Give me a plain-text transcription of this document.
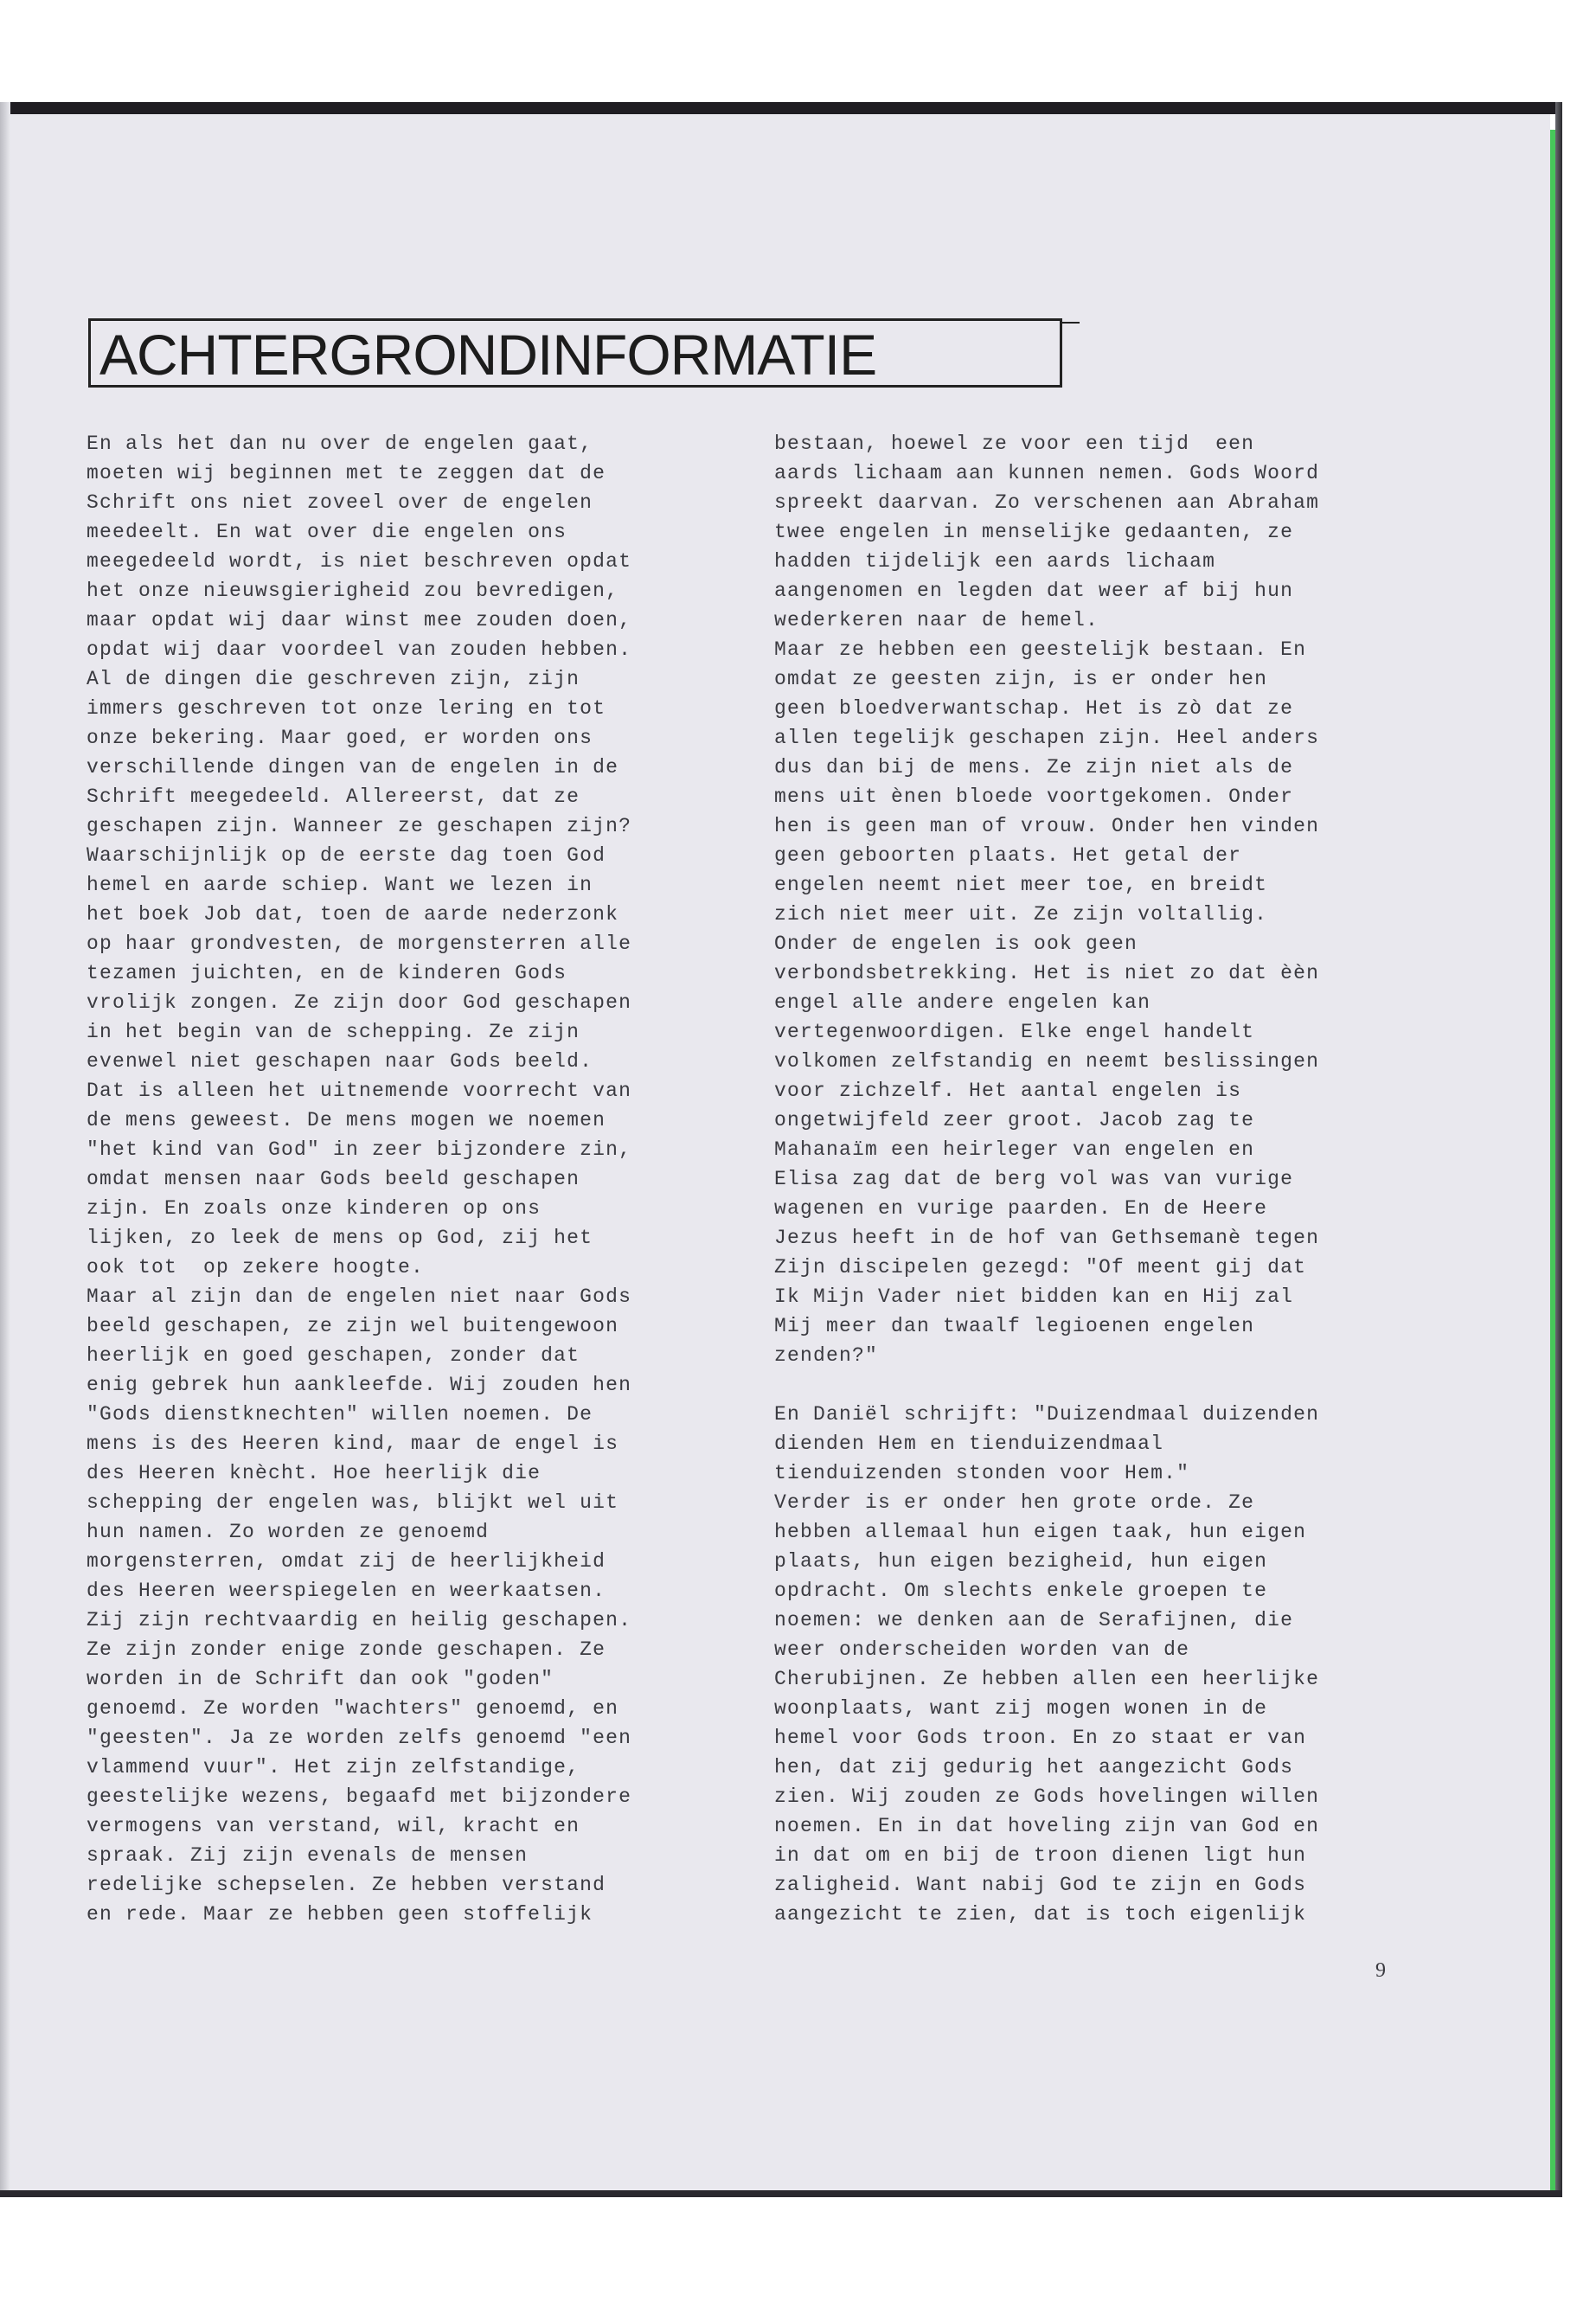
ACHTERGRONDINFORMATIE
En als het dan nu over de engelen gaat,
moeten wij beginnen met te zeggen dat de
Schrift ons niet zoveel over de engelen
meedeelt. En wat over die engelen ons
meegedeeld wordt, is niet beschreven opdat
het onze nieuwsgierigheid zou bevredigen,
maar opdat wij daar winst mee zouden doen,
opdat wij daar voordeel van zouden hebben.
Al de dingen die geschreven zijn, zijn
immers geschreven tot onze lering en tot
onze bekering. Maar goed, er worden ons
verschillende dingen van de engelen in de
Schrift meegedeeld. Allereerst, dat ze
geschapen zijn. Wanneer ze geschapen zijn?
Waarschijnlijk op de eerste dag toen God
hemel en aarde schiep. Want we lezen in
het boek Job dat, toen de aarde nederzonk
op haar grondvesten, de morgensterren alle
tezamen juichten, en de kinderen Gods
vrolijk zongen. Ze zijn door God geschapen
in het begin van de schepping. Ze zijn
evenwel niet geschapen naar Gods beeld.
Dat is alleen het uitnemende voorrecht van
de mens geweest. De mens mogen we noemen
"het kind van God" in zeer bijzondere zin,
omdat mensen naar Gods beeld geschapen
zijn. En zoals onze kinderen op ons
lijken, zo leek de mens op God, zij het
ook tot  op zekere hoogte.
Maar al zijn dan de engelen niet naar Gods
beeld geschapen, ze zijn wel buitengewoon
heerlijk en goed geschapen, zonder dat
enig gebrek hun aankleefde. Wij zouden hen
"Gods dienstknechten" willen noemen. De
mens is des Heeren kind, maar de engel is
des Heeren knècht. Hoe heerlijk die
schepping der engelen was, blijkt wel uit
hun namen. Zo worden ze genoemd
morgensterren, omdat zij de heerlijkheid
des Heeren weerspiegelen en weerkaatsen.
Zij zijn rechtvaardig en heilig geschapen.
Ze zijn zonder enige zonde geschapen. Ze
worden in de Schrift dan ook "goden"
genoemd. Ze worden "wachters" genoemd, en
"geesten". Ja ze worden zelfs genoemd "een
vlammend vuur". Het zijn zelfstandige,
geestelijke wezens, begaafd met bijzondere
vermogens van verstand, wil, kracht en
spraak. Zij zijn evenals de mensen
redelijke schepselen. Ze hebben verstand
en rede. Maar ze hebben geen stoffelijk
bestaan, hoewel ze voor een tijd  een
aards lichaam aan kunnen nemen. Gods Woord
spreekt daarvan. Zo verschenen aan Abraham
twee engelen in menselijke gedaanten, ze
hadden tijdelijk een aards lichaam
aangenomen en legden dat weer af bij hun
wederkeren naar de hemel.
Maar ze hebben een geestelijk bestaan. En
omdat ze geesten zijn, is er onder hen
geen bloedverwantschap. Het is zò dat ze
allen tegelijk geschapen zijn. Heel anders
dus dan bij de mens. Ze zijn niet als de
mens uit ènen bloede voortgekomen. Onder
hen is geen man of vrouw. Onder hen vinden
geen geboorten plaats. Het getal der
engelen neemt niet meer toe, en breidt
zich niet meer uit. Ze zijn voltallig.
Onder de engelen is ook geen
verbondsbetrekking. Het is niet zo dat èèn
engel alle andere engelen kan
vertegenwoordigen. Elke engel handelt
volkomen zelfstandig en neemt beslissingen
voor zichzelf. Het aantal engelen is
ongetwijfeld zeer groot. Jacob zag te
Mahanaïm een heirleger van engelen en
Elisa zag dat de berg vol was van vurige
wagenen en vurige paarden. En de Heere
Jezus heeft in de hof van Gethsemanè tegen
Zijn discipelen gezegd: "Of meent gij dat
Ik Mijn Vader niet bidden kan en Hij zal
Mij meer dan twaalf legioenen engelen
zenden?"
En Daniël schrijft: "Duizendmaal duizenden
dienden Hem en tienduizendmaal
tienduizenden stonden voor Hem."
Verder is er onder hen grote orde. Ze
hebben allemaal hun eigen taak, hun eigen
plaats, hun eigen bezigheid, hun eigen
opdracht. Om slechts enkele groepen te
noemen: we denken aan de Serafijnen, die
weer onderscheiden worden van de
Cherubijnen. Ze hebben allen een heerlijke
woonplaats, want zij mogen wonen in de
hemel voor Gods troon. En zo staat er van
hen, dat zij gedurig het aangezicht Gods
zien. Wij zouden ze Gods hovelingen willen
noemen. En in dat hoveling zijn van God en
in dat om en bij de troon dienen ligt hun
zaligheid. Want nabij God te zijn en Gods
aangezicht te zien, dat is toch eigenlijk
9
